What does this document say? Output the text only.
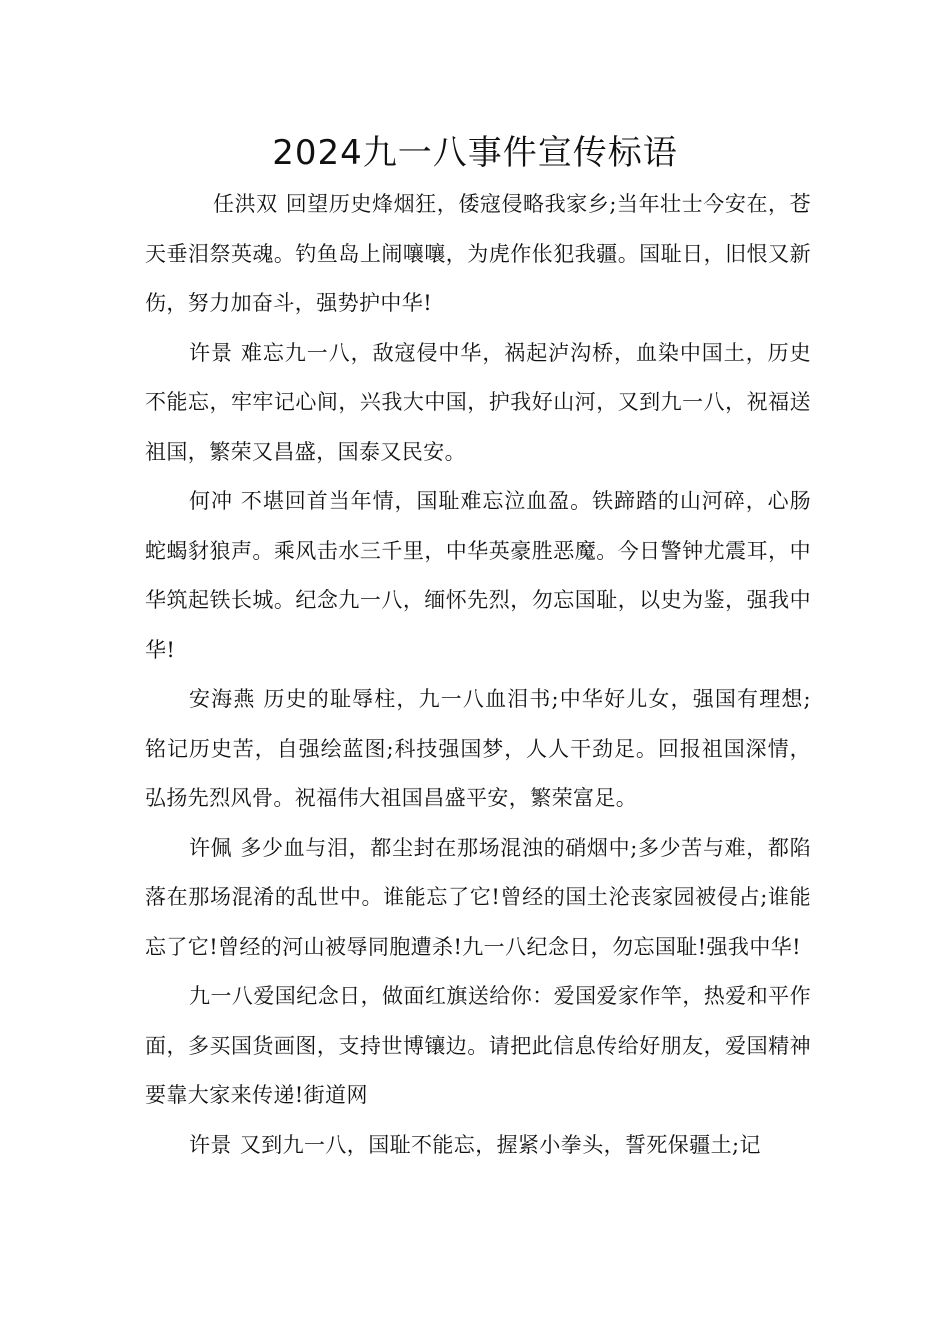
2024九一八事件宣传标语

任洪双 回望历史烽烟狂，倭寇侵略我家乡;当年壮士今安在，苍天垂泪祭英魂。钓鱼岛上闹嚷嚷，为虎作伥犯我疆。国耻日，旧恨又新伤，努力加奋斗，强势护中华!

许景 难忘九一八，敌寇侵中华，祸起泸沟桥，血染中国土，历史不能忘，牢牢记心间，兴我大中国，护我好山河，又到九一八，祝福送祖国，繁荣又昌盛，国泰又民安。

何冲 不堪回首当年情，国耻难忘泣血盈。铁蹄踏的山河碎，心肠蛇蝎豺狼声。乘风击水三千里，中华英豪胜恶魔。今日警钟尤震耳，中华筑起铁长城。纪念九一八，缅怀先烈，勿忘国耻，以史为鉴，强我中华!

安海燕 历史的耻辱柱，九一八血泪书;中华好儿女，强国有理想;铭记历史苦，自强绘蓝图;科技强国梦，人人干劲足。回报祖国深情，弘扬先烈风骨。祝福伟大祖国昌盛平安，繁荣富足。

许佩 多少血与泪，都尘封在那场混浊的硝烟中;多少苦与难，都陷落在那场混淆的乱世中。谁能忘了它!曾经的国土沦丧家园被侵占;谁能忘了它!曾经的河山被辱同胞遭杀!九一八纪念日，勿忘国耻!强我中华!

九一八爱国纪念日，做面红旗送给你：爱国爱家作竿，热爱和平作面，多买国货画图，支持世博镶边。请把此信息传给好朋友，爱国精神要靠大家来传递!街道网

许景 又到九一八，国耻不能忘，握紧小拳头，誓死保疆土;记
